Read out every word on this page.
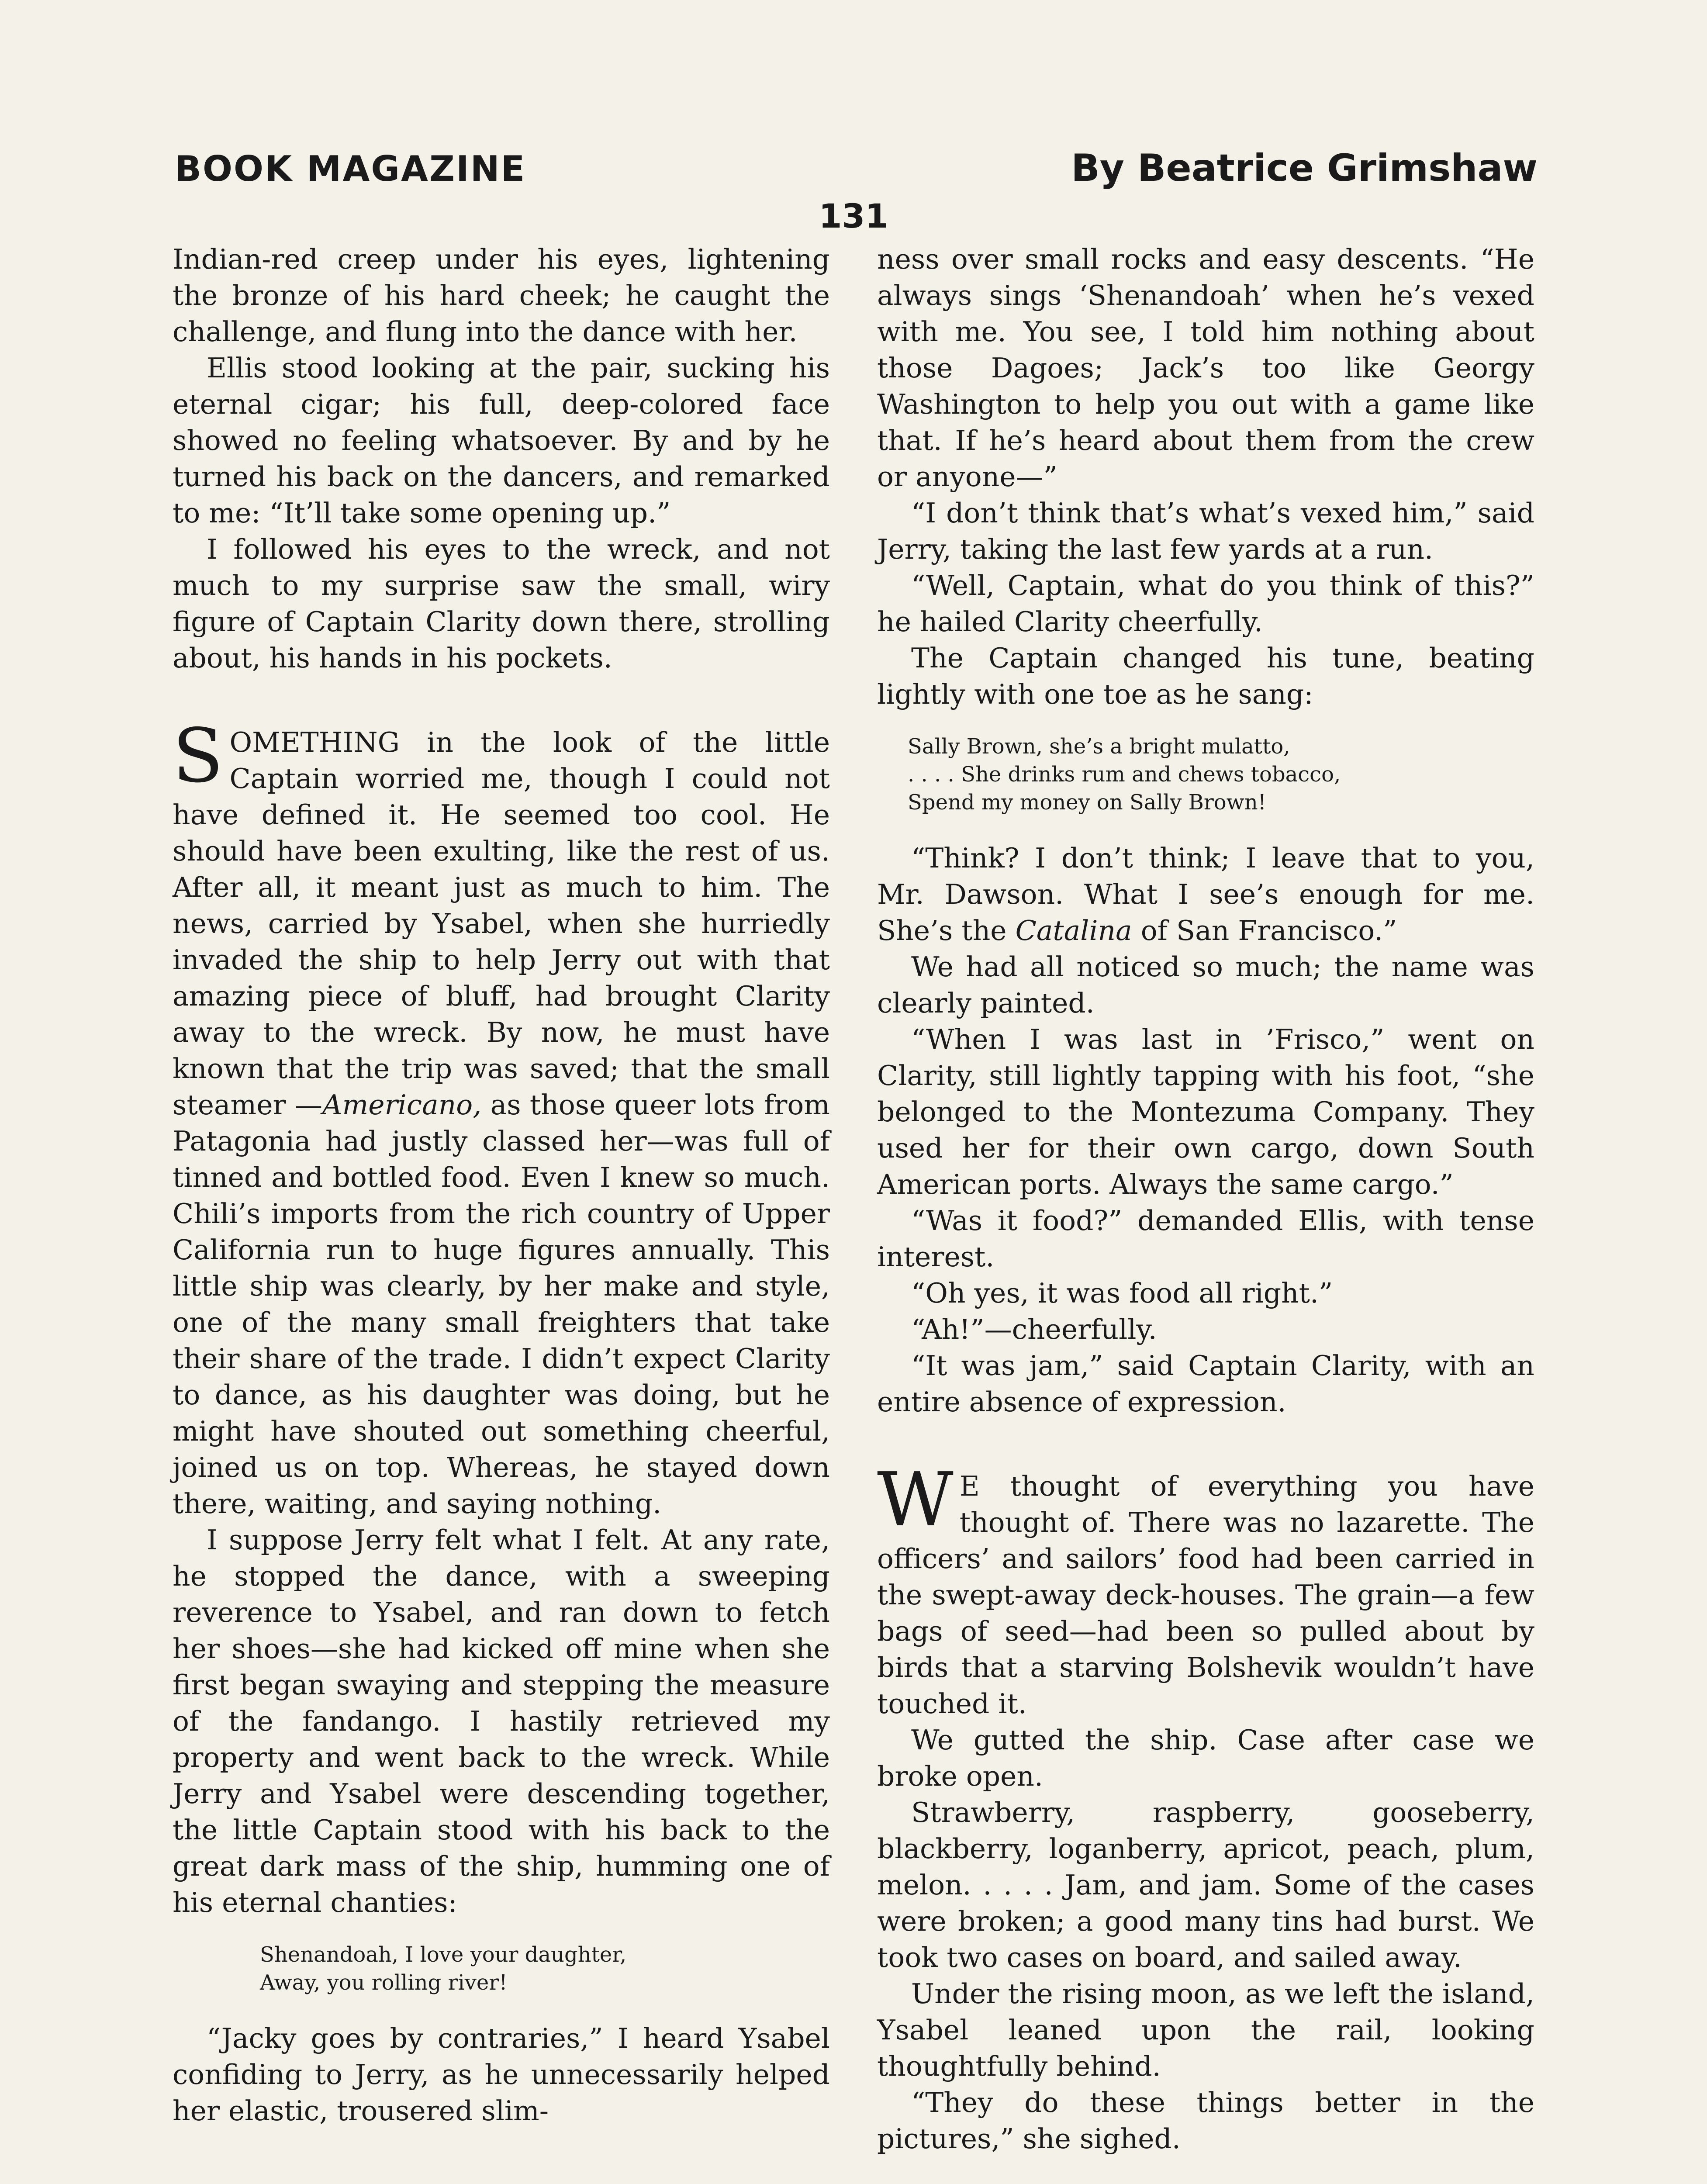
BOOK MAGAZINE	By Beatrice Grimshaw
131

Indian-red creep under his eyes, lightening the bronze of his hard cheek; he caught the challenge, and flung into the dance with her.

Ellis stood looking at the pair, sucking his eternal cigar; his full, deep-colored face showed no feeling whatsoever. By and by he turned his back on the dancers, and remarked to me: “It’ll take some opening up.”

I followed his eyes to the wreck, and not much to my surprise saw the small, wiry figure of Captain Clarity down there, strolling about, his hands in his pockets.

SOMETHING in the look of the little Captain worried me, though I could not have defined it. He seemed too cool. He should have been exulting, like the rest of us. After all, it meant just as much to him. The news, carried by Ysabel, when she hurriedly invaded the ship to help Jerry out with that amazing piece of bluff, had brought Clarity away to the wreck. By now, he must have known that the trip was saved; that the small steamer —Americano, as those queer lots from Patagonia had justly classed her—was full of tinned and bottled food. Even I knew so much. Chili’s imports from the rich country of Upper California run to huge figures annually. This little ship was clearly, by her make and style, one of the many small freighters that take their share of the trade. I didn’t expect Clarity to dance, as his daughter was doing, but he might have shouted out something cheerful, joined us on top. Whereas, he stayed down there, waiting, and saying nothing.

I suppose Jerry felt what I felt. At any rate, he stopped the dance, with a sweeping reverence to Ysabel, and ran down to fetch her shoes—she had kicked off mine when she first began swaying and stepping the measure of the fandango. I hastily retrieved my property and went back to the wreck. While Jerry and Ysabel were descending together, the little Captain stood with his back to the great dark mass of the ship, humming one of his eternal chanties:

Shenandoah, I love your daughter,
Away, you rolling river!

“Jacky goes by contraries,” I heard Ysabel confiding to Jerry, as he unnecessarily helped her elastic, trousered slim-

ness over small rocks and easy descents. “He always sings ‘Shenandoah’ when he’s vexed with me. You see, I told him nothing about those Dagoes; Jack’s too like Georgy Washington to help you out with a game like that. If he’s heard about them from the crew or anyone—”

“I don’t think that’s what’s vexed him,” said Jerry, taking the last few yards at a run.

“Well, Captain, what do you think of this?” he hailed Clarity cheerfully.

The Captain changed his tune, beating lightly with one toe as he sang:

Sally Brown, she’s a bright mulatto,
. . . . She drinks rum and chews tobacco,
Spend my money on Sally Brown!

“Think? I don’t think; I leave that to you, Mr. Dawson. What I see’s enough for me. She’s the Catalina of San Francisco.”

We had all noticed so much; the name was clearly painted.

“When I was last in ’Frisco,” went on Clarity, still lightly tapping with his foot, “she belonged to the Montezuma Company. They used her for their own cargo, down South American ports. Always the same cargo.”

“Was it food?” demanded Ellis, with tense interest.

“Oh yes, it was food all right.”

“Ah!”—cheerfully.

“It was jam,” said Captain Clarity, with an entire absence of expression.

W E thought of everything you have thought of. There was no lazarette. The officers’ and sailors’ food had been carried in the swept-away deck-houses. The grain—a few bags of seed—had been so pulled about by birds that a starving Bolshevik wouldn’t have touched it.

We gutted the ship. Case after case we broke open.

Strawberry, raspberry, gooseberry, blackberry, loganberry, apricot, peach, plum, melon. . . . . Jam, and jam. Some of the cases were broken; a good many tins had burst. We took two cases on board, and sailed away.

Under the rising moon, as we left the island, Ysabel leaned upon the rail, looking thoughtfully behind.

“They do these things better in the pictures,” she sighed.
